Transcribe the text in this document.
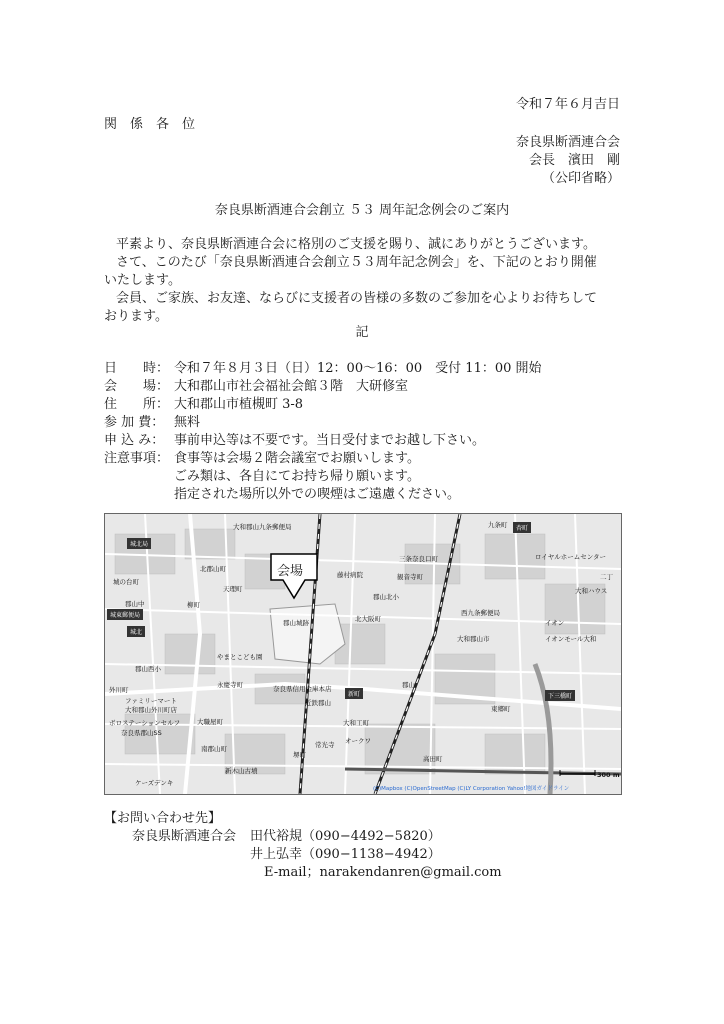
令和７年６月吉日
関　係　各　位
奈良県断酒連合会
会長　濱田　剛
（公印省略）
奈良県断酒連合会創立 ５３ 周年記念例会のご案内
平素より、奈良県断酒連合会に格別のご支援を賜り、誠にありがとうございます。
さて、このたび「奈良県断酒連合会創立５３周年記念例会」を、下記のとおり開催
いたします。
会員、ご家族、お友達、ならびに支援者の皆様の多数のご参加を心よりお待ちして
おります。
記
日　　時： 令和７年８月３日（日）12：00～16：00　受付 11：00 開始
会　　場： 大和郡山市社会福祉会館３階　大研修室
住　　所： 大和郡山市植槻町 3-8
参 加 費： 無料
申 込 み： 事前申込等は不要です。当日受付までお越し下さい。
注意事項： 食事等は会場２階会議室でお願いします。
ごみ類は、各自にてお持ち帰り願います。
指定された場所以外での喫煙はご遠慮ください。
会場
大和郡山九条郵便局	九条町	杏町
城東郵便局
城の台町
北郡山町
郡山中	柳町
天理町
藤村病院
三条奈良口町
観音寺町
ロイヤルホームセンター
城北局
二丁
大和ハウス
郡山城跡
郡山北小
西九条郵便局
イオン
北大阪町
城北
やまとこども園
大和郡山市	イオンモール大和
郡山西小
近鉄郡山
郡山
永慶寺町	奈良県信用金庫本店
新町
ファミリーマート
大和郡山外川町店
外川町
ボロステーションセルフ
奈良県郡山SS
大和工町
大職屋町
南郡山町
新木山古墳
高田町
堺町
常光寺 オークワ
ケーズデンキ
下三橋町
東郷町
300 m
(C)Mapbox (C)OpenStreetMap (C)LY Corporation Yahoo!地図ガイドライン
【お問い合わせ先】
奈良県断酒連合会 田代裕規（090−4492−5820）
井上弘幸（090−1138−4942）
E-mail；narakendanren@gmail.com
